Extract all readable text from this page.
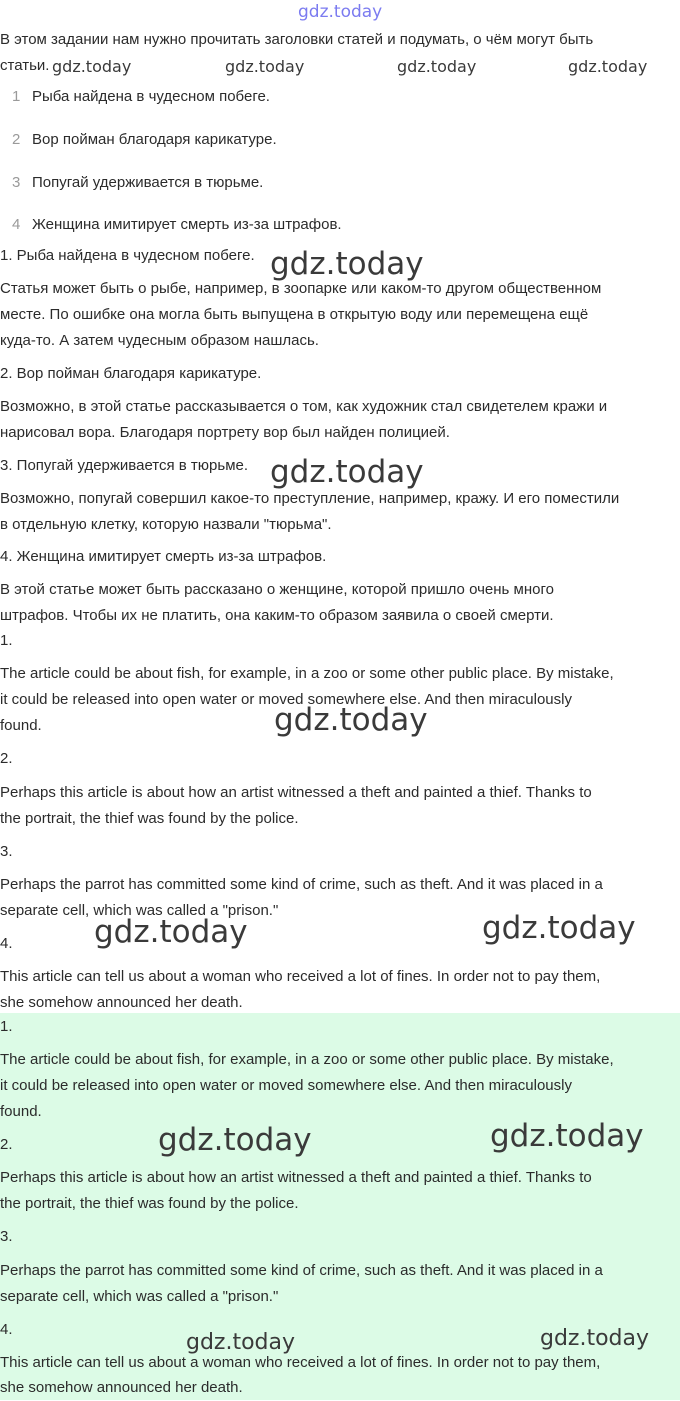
gdz.today
В этом задании нам нужно прочитать заголовки статей и подумать, о чём могут быть
статьи. gdz.today	gdz.today	gdz.today	gdz.today
1 Рыба найдена в чудесном побеге.
2 Вор пойман благодаря карикатуре.
3 Попугай удерживается в тюрьме.
4 Женщина имитирует смерть из-за штрафов.
1. Рыба найдена в чудесном побеге.
Статья может быть о рыбе, например, в зоопарке или каком-то другом общественном
месте. По ошибке она могла быть выпущена в открытую воду или перемещена ещё
куда-то. А затем чудесным образом нашлась.
2. Вор пойман благодаря карикатуре.
Возможно, в этой статье рассказывается о том, как художник стал свидетелем кражи и
нарисовал вора. Благодаря портрету вор был найден полицией.
3. Попугай удерживается в тюрьме.
Возможно, попугай совершил какое-то преступление, например, кражу. И его поместили
в отдельную клетку, которую назвали "тюрьма".
4. Женщина имитирует смерть из-за штрафов.
В этой статье может быть рассказано о женщине, которой пришло очень много
штрафов. Чтобы их не платить, она каким-то образом заявила о своей смерти.
1.
The article could be about fish, for example, in a zoo or some other public place. By mistake,
it could be released into open water or moved somewhere else. And then miraculously
found.
2.
Perhaps this article is about how an artist witnessed a theft and painted a thief. Thanks to
the portrait, the thief was found by the police.
3.
Perhaps the parrot has committed some kind of crime, such as theft. And it was placed in a
separate cell, which was called a "prison."
4.
This article can tell us about a woman who received a lot of fines. In order not to pay them,
she somehow announced her death.
1.
The article could be about fish, for example, in a zoo or some other public place. By mistake,
it could be released into open water or moved somewhere else. And then miraculously
found.
2.
Perhaps this article is about how an artist witnessed a theft and painted a thief. Thanks to
the portrait, the thief was found by the police.
3.
Perhaps the parrot has committed some kind of crime, such as theft. And it was placed in a
separate cell, which was called a "prison."
4.
This article can tell us about a woman who received a lot of fines. In order not to pay them,
she somehow announced her death.
gdz.today
gdz.today
gdz.today
gdz.today	gdz.today
gdz.today	gdz.today
gdz.today	gdz.today
